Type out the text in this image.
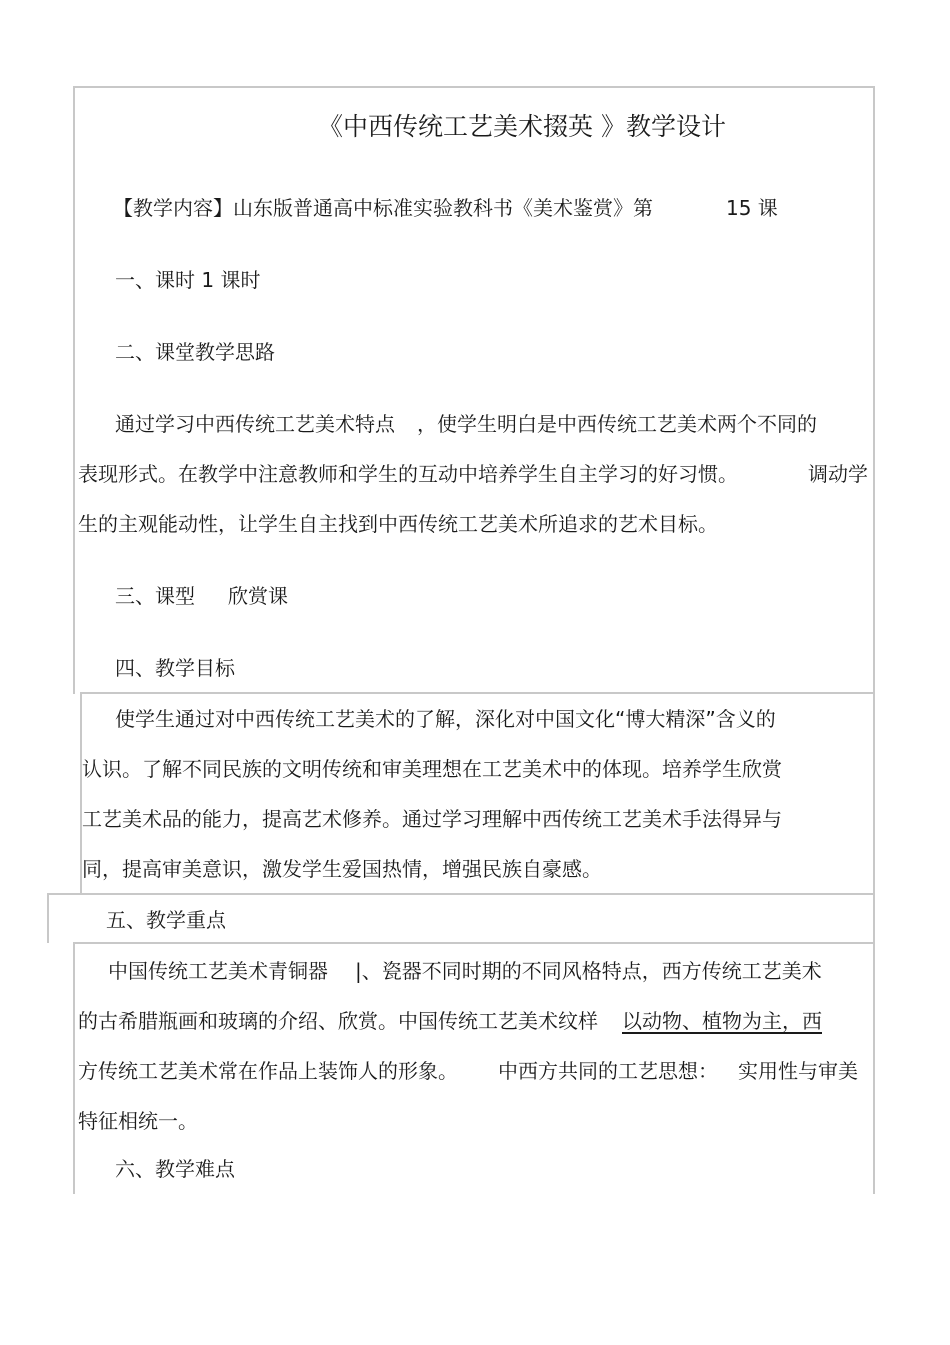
《中西传统工艺美术掇英 》教学设计
【教学内容】山东版普通高中标准实验教科书《美术鉴赏》第	15 课
一、课时 1 课时
二、课堂教学思路
通过学习中西传统工艺美术特点 ，使学生明白是中西传统工艺美术两个不同的
表现形式。在教学中注意教师和学生的互动中培养学生自主学习的好习惯。	调动学
生的主观能动性，让学生自主找到中西传统工艺美术所追求的艺术目标。
三、课型 欣赏课
四、教学目标
使学生通过对中西传统工艺美术的了解，深化对中国文化“博大精深”含义的
认识。了解不同民族的文明传统和审美理想在工艺美术中的体现。培养学生欣赏
工艺美术品的能力，提高艺术修养。通过学习理解中西传统工艺美术手法得异与
同，提高审美意识，激发学生爱国热情，增强民族自豪感。
五、教学重点
中国传统工艺美术青铜器 |、瓷器不同时期的不同风格特点，西方传统工艺美术
的古希腊瓶画和玻璃的介绍、欣赏。中国传统工艺美术纹样 以动物、植物为主，西
方传统工艺美术常在作品上装饰人的形象。 中西方共同的工艺思想： 实用性与审美
特征相统一。
六、教学难点
